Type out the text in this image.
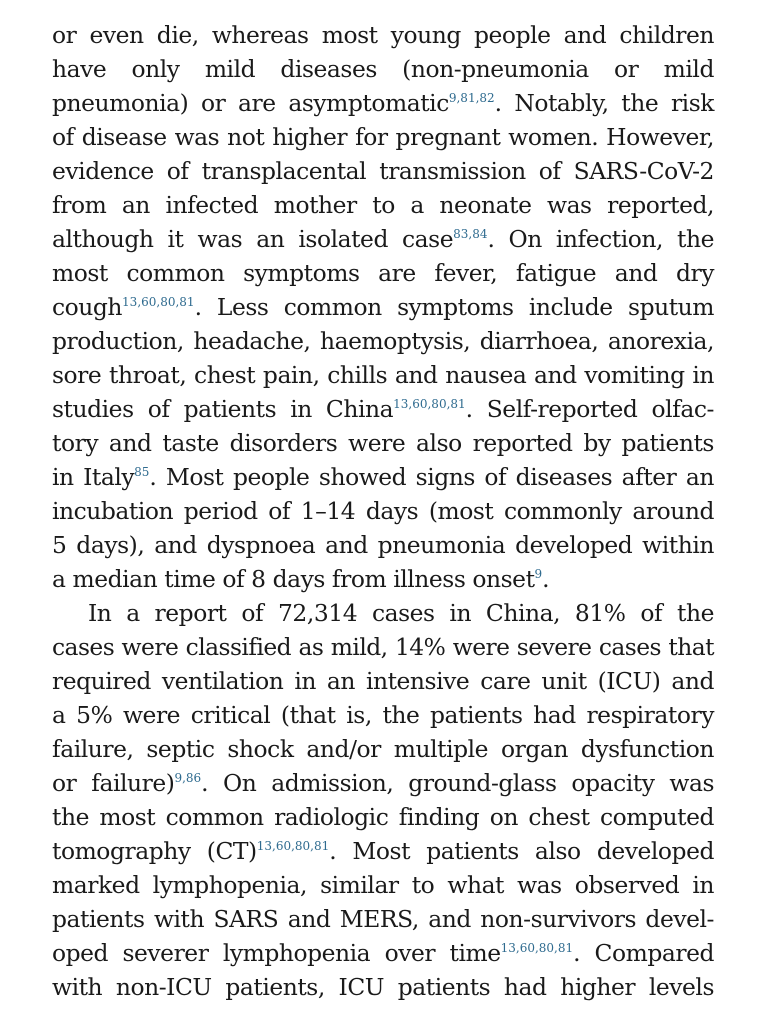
or even die, whereas most young people and children
have only mild diseases (non-pneumonia or mild
pneumonia) or are asymptomatic$^{9,81,82}$. Notably, the risk
of disease was not higher for pregnant women. However,
evidence of transplacental transmission of SARS-CoV-2
from an infected mother to a neonate was reported,
although it was an isolated case$^{83,84}$. On infection, the
most common symptoms are fever, fatigue and dry
cough$^{13,60,80,81}$. Less common symptoms include sputum
production, headache, haemoptysis, diarrhoea, anorexia,
sore throat, chest pain, chills and nausea and vomiting in
studies of patients in China$^{13,60,80,81}$. Self-reported olfac-
tory and taste disorders were also reported by patients
in Italy$^{85}$. Most people showed signs of diseases after an
incubation period of 1–14 days (most commonly around
5 days), and dyspnoea and pneumonia developed within
a median time of 8 days from illness onset$^9$.
In a report of 72,314 cases in China, 81% of the
cases were classified as mild, 14% were severe cases that
required ventilation in an intensive care unit (ICU) and
a 5% were critical (that is, the patients had respiratory
failure, septic shock and/or multiple organ dysfunction
or failure)$^{9,86}$. On admission, ground-glass opacity was
the most common radiologic finding on chest computed
tomography (CT)$^{13,60,80,81}$. Most patients also developed
marked lymphopenia, similar to what was observed in
patients with SARS and MERS, and non-survivors devel-
oped severer lymphopenia over time$^{13,60,80,81}$. Compared
with non-ICU patients, ICU patients had higher levels
